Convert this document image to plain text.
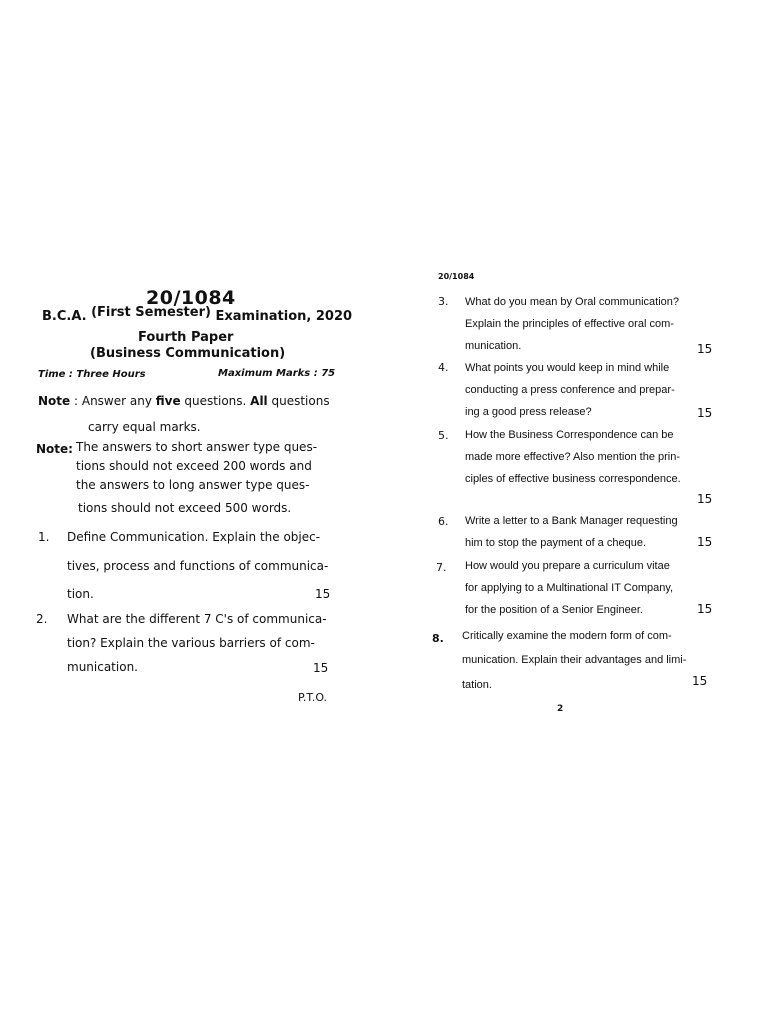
20/1084
B.C.A. (First Semester) Examination, 2020
Fourth Paper
(Business Communication)
Time : Three Hours	Maximum Marks : 75
Note : Answer any five questions. All questions
carry equal marks.
Note: The answers to short answer type ques-
tions should not exceed 200 words and
the answers to long answer type ques-
tions should not exceed 500 words.
1. Define Communication. Explain the objec-
tives, process and functions of communica-
tion.	15
2. What are the different 7 C's of communica-
tion? Explain the various barriers of com-
munication.	15
P.T.O.
20/1084
3. What do you mean by Oral communication?
Explain the principles of effective oral com-
munication.	15
4. What points you would keep in mind while
conducting a press conference and prepar-
ing a good press release?	15
5. How the Business Correspondence can be
made more effective? Also mention the prin-
ciples of effective business correspondence.
15
6. Write a letter to a Bank Manager requesting
him to stop the payment of a cheque.	15
7. How would you prepare a curriculum vitae
for applying to a Multinational IT Company,
for the position of a Senior Engineer.	15
8. Critically examine the modern form of com-
munication. Explain their advantages and limi-
tation.	15
2
